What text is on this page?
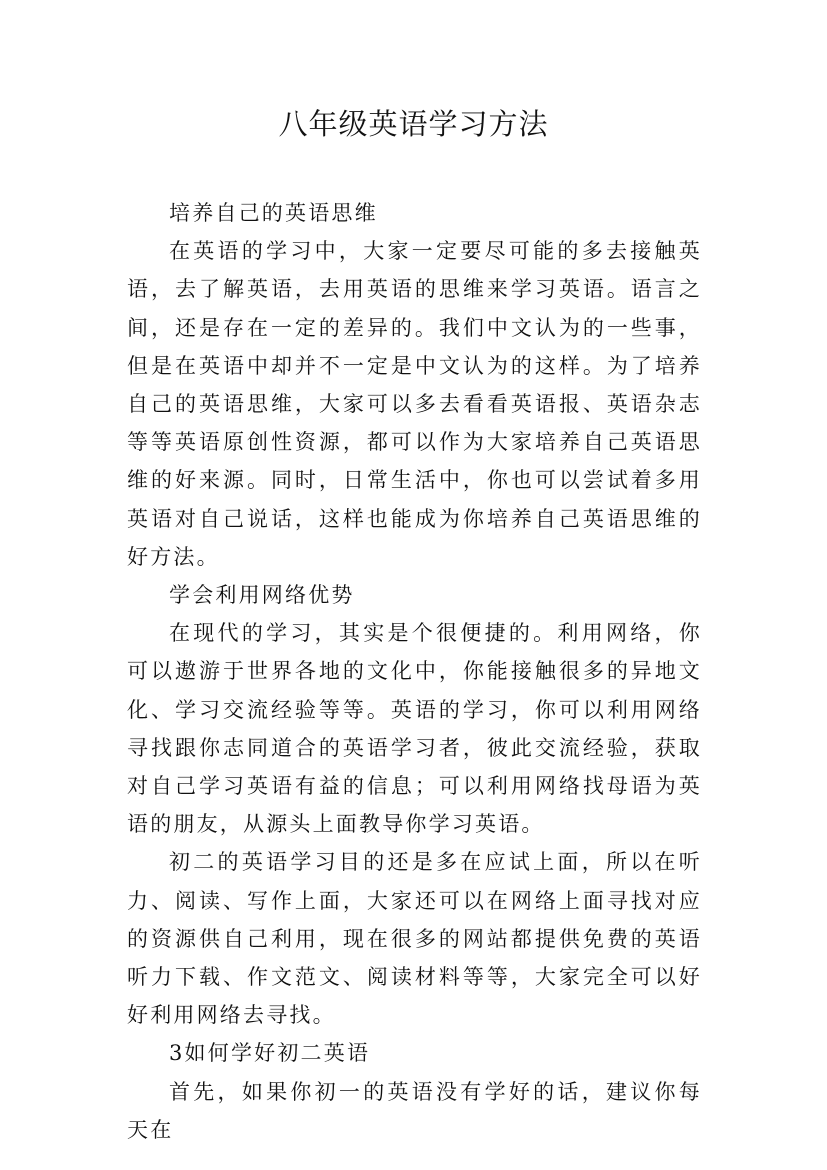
八年级英语学习方法

培养自己的英语思维

在英语的学习中，大家一定要尽可能的多去接触英语，去了解英语，去用英语的思维来学习英语。语言之间，还是存在一定的差异的。我们中文认为的一些事，但是在英语中却并不一定是中文认为的这样。为了培养自己的英语思维，大家可以多去看看英语报、英语杂志等等英语原创性资源，都可以作为大家培养自己英语思维的好来源。同时，日常生活中，你也可以尝试着多用英语对自己说话，这样也能成为你培养自己英语思维的好方法。

学会利用网络优势

在现代的学习，其实是个很便捷的。利用网络，你可以遨游于世界各地的文化中，你能接触很多的异地文化、学习交流经验等等。英语的学习，你可以利用网络寻找跟你志同道合的英语学习者，彼此交流经验，获取对自己学习英语有益的信息；可以利用网络找母语为英语的朋友，从源头上面教导你学习英语。

初二的英语学习目的还是多在应试上面，所以在听力、阅读、写作上面，大家还可以在网络上面寻找对应的资源供自己利用，现在很多的网站都提供免费的英语听力下载、作文范文、阅读材料等等，大家完全可以好好利用网络去寻找。

3如何学好初二英语

首先，如果你初一的英语没有学好的话，建议你每天在
